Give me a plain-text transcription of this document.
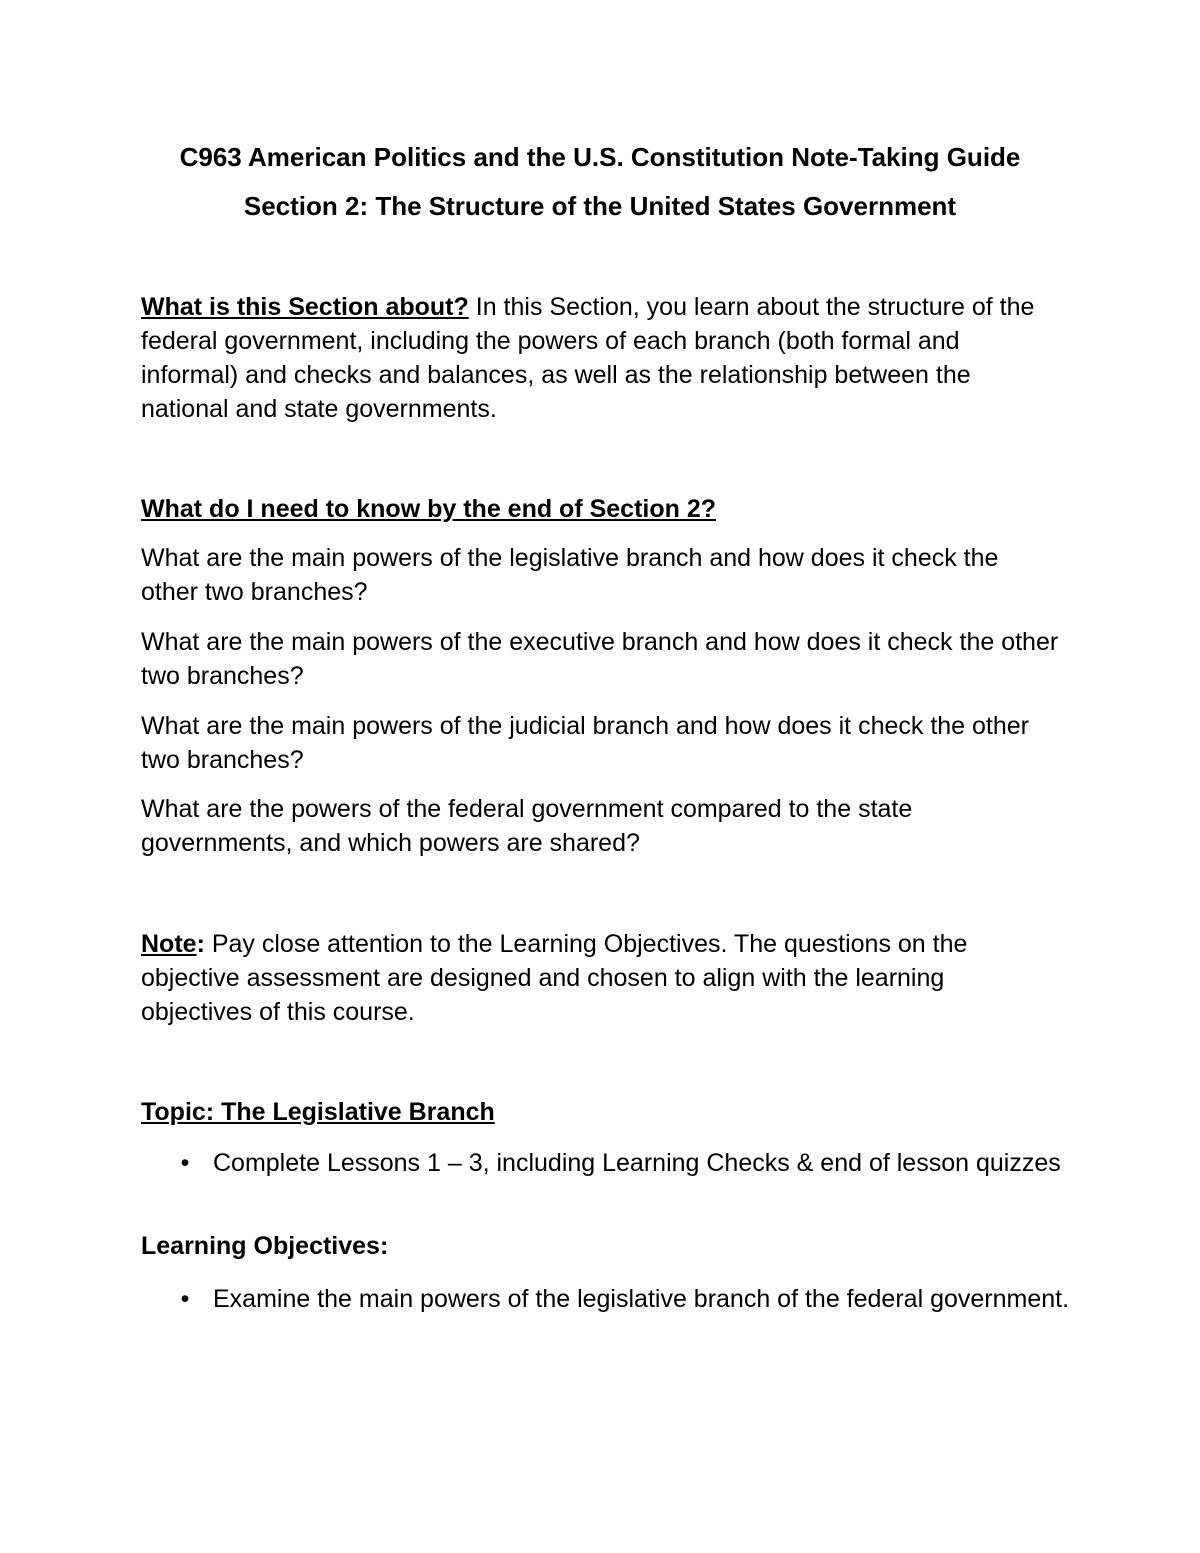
C963 American Politics and the U.S. Constitution Note-Taking Guide
Section 2: The Structure of the United States Government
What is this Section about? In this Section, you learn about the structure of the federal government, including the powers of each branch (both formal and informal) and checks and balances, as well as the relationship between the national and state governments.
What do I need to know by the end of Section 2?
What are the main powers of the legislative branch and how does it check the other two branches?
What are the main powers of the executive branch and how does it check the other two branches?
What are the main powers of the judicial branch and how does it check the other two branches?
What are the powers of the federal government compared to the state governments, and which powers are shared?
Note: Pay close attention to the Learning Objectives. The questions on the objective assessment are designed and chosen to align with the learning objectives of this course.
Topic: The Legislative Branch
• Complete Lessons 1 – 3, including Learning Checks & end of lesson quizzes
Learning Objectives:
• Examine the main powers of the legislative branch of the federal government.
